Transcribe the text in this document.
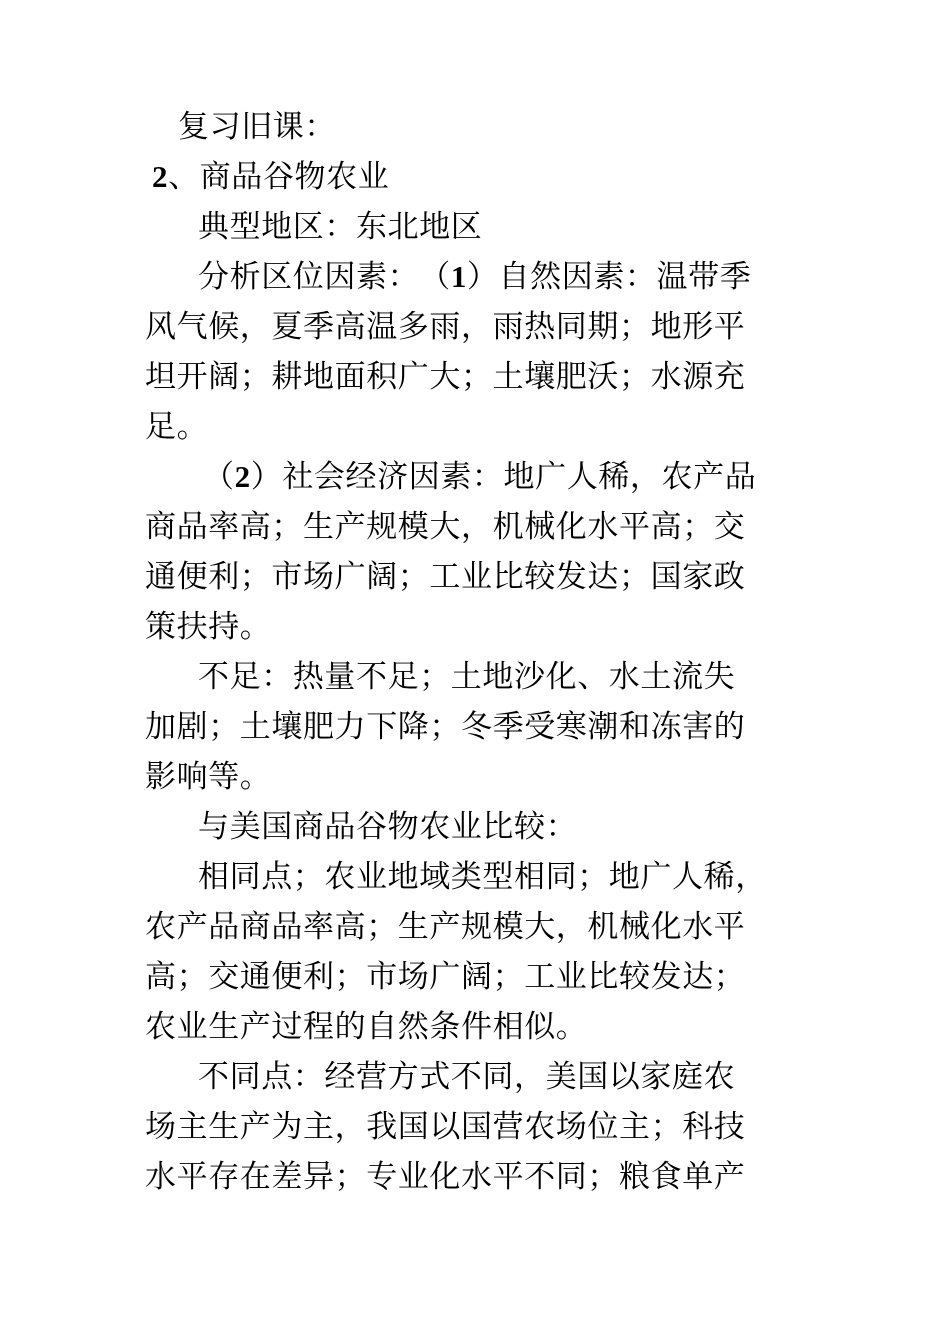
复习旧课：
2、商品谷物农业
典型地区：东北地区
分析区位因素：（1）自然因素：温带季
风气候，夏季高温多雨，雨热同期；地形平
坦开阔；耕地面积广大；土壤肥沃；水源充
足。
（2）社会经济因素：地广人稀，农产品
商品率高；生产规模大，机械化水平高；交
通便利；市场广阔；工业比较发达；国家政
策扶持。
不足：热量不足；土地沙化、水土流失
加剧；土壤肥力下降；冬季受寒潮和冻害的
影响等。
与美国商品谷物农业比较：
相同点；农业地域类型相同；地广人稀，
农产品商品率高；生产规模大，机械化水平
高；交通便利；市场广阔；工业比较发达；
农业生产过程的自然条件相似。
不同点：经营方式不同，美国以家庭农
场主生产为主，我国以国营农场位主；科技
水平存在差异；专业化水平不同；粮食单产
